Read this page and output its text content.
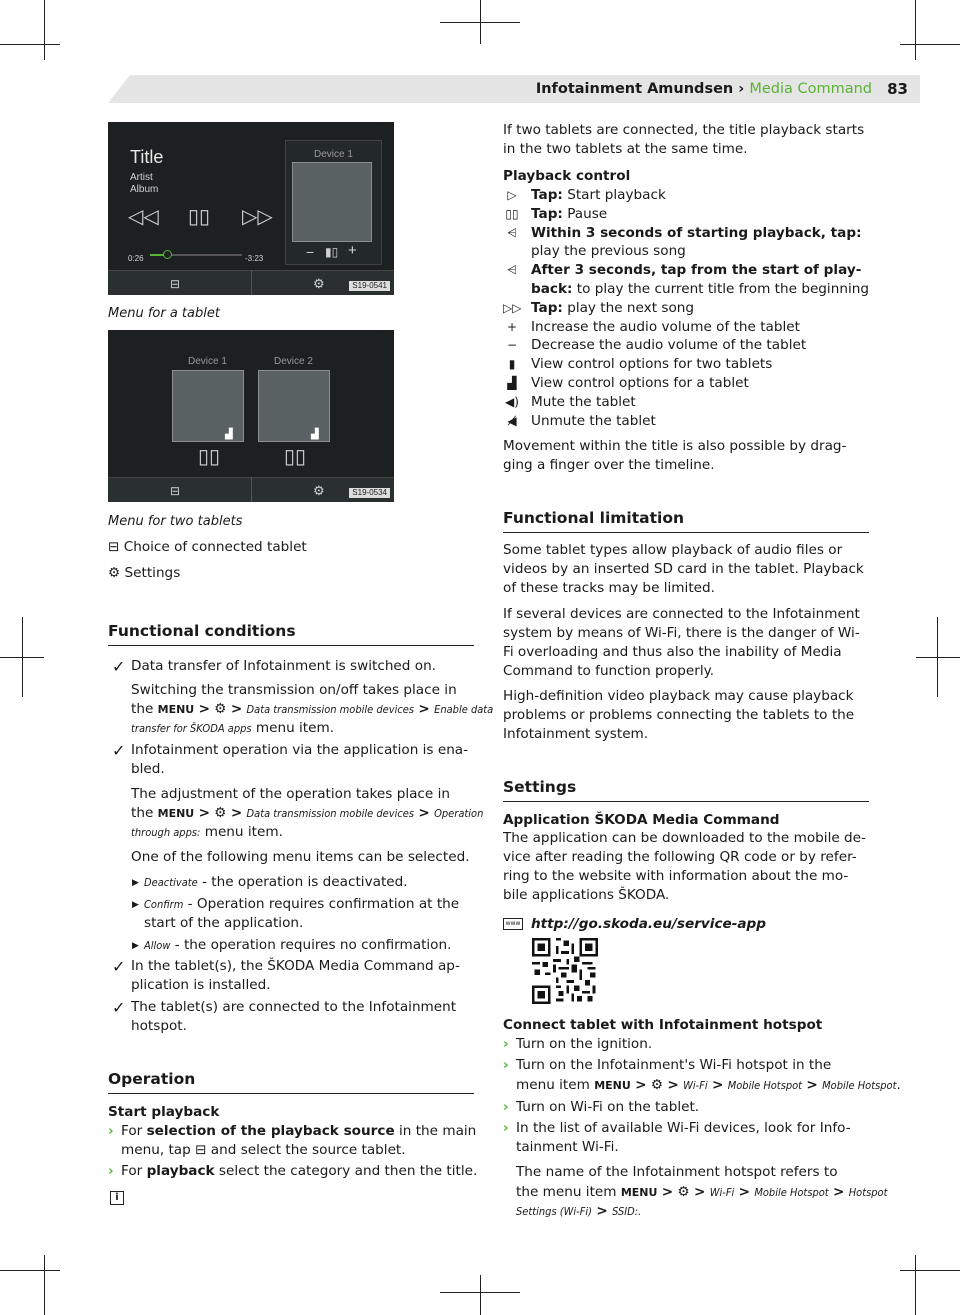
Infotainment Amundsen › Media Command 83
Title
Artist
Album
◁◁ ▯▯ ▷▷
0:26	-3:23
Device 1
− ▮▯ +
⊟	⚙	S19-0541
Menu for a tablet
Device 1	Device 2
▟	▟
▯▯	▯▯
⊟	⚙	S19-0534
Menu for two tablets
⊟ Choice of connected tablet
⚙ Settings
Functional conditions
✓ Data transfer of Infotainment is switched on.
Switching the transmission on/off takes place in
the MENU > ⚙ > Data transmission mobile devices > Enable data
transfer for ŠKODA apps menu item.
✓ Infotainment operation via the application is ena-
bled.
The adjustment of the operation takes place in
the MENU > ⚙ > Data transmission mobile devices > Operation
through apps: menu item.
One of the following menu items can be selected.
▶ Deactivate - the operation is deactivated.
▶ Confirm - Operation requires confirmation at the
start of the application.
▶ Allow - the operation requires no confirmation.
✓ In the tablet(s), the ŠKODA Media Command ap-
plication is installed.
✓ The tablet(s) are connected to the Infotainment
hotspot.
Operation
Start playback
› For selection of the playback source in the main
menu, tap ⊟ and select the source tablet.
› For playback select the category and then the title.
i
If two tablets are connected, the title playback starts
in the two tablets at the same time.
Playback control
▷	Tap: Start playback
▯▯ Tap: Pause
⩤	Within 3 seconds of starting playback, tap:
play the previous song
⩤	After 3 seconds, tap from the start of play-
back: to play the current title from the beginning
▷▷ Tap: play the next song
+ Increase the audio volume of the tablet
− Decrease the audio volume of the tablet
▮	View control options for two tablets
▟	View control options for a tablet
◀) Mute the tablet
◀̸	Unmute the tablet
Movement within the title is also possible by drag-
ging a finger over the timeline.
Functional limitation
Some tablet types allow playback of audio files or
videos by an inserted SD card in the tablet. Playback
of these tracks may be limited.
If several devices are connected to the Infotainment
system by means of Wi-Fi, there is the danger of Wi-
Fi overloading and thus also the inability of Media
Command to function properly.
High-definition video playback may cause playback
problems or problems connecting the tablets to the
Infotainment system.
Settings
Application ŠKODA Media Command
The application can be downloaded to the mobile de-
vice after reading the following QR code or by refer-
ring to the website with information about the mo-
bile applications ŠKODA.
www http://go.skoda.eu/service-app
Connect tablet with Infotainment hotspot
› Turn on the ignition.
› Turn on the Infotainment's Wi-Fi hotspot in the
menu item MENU > ⚙ > Wi-Fi > Mobile Hotspot > Mobile Hotspot.
› Turn on Wi-Fi on the tablet.
› In the list of available Wi-Fi devices, look for Info-
tainment Wi-Fi.
The name of the Infotainment hotspot refers to
the menu item MENU > ⚙ > Wi-Fi > Mobile Hotspot > Hotspot
Settings (Wi-Fi) > SSID:.
